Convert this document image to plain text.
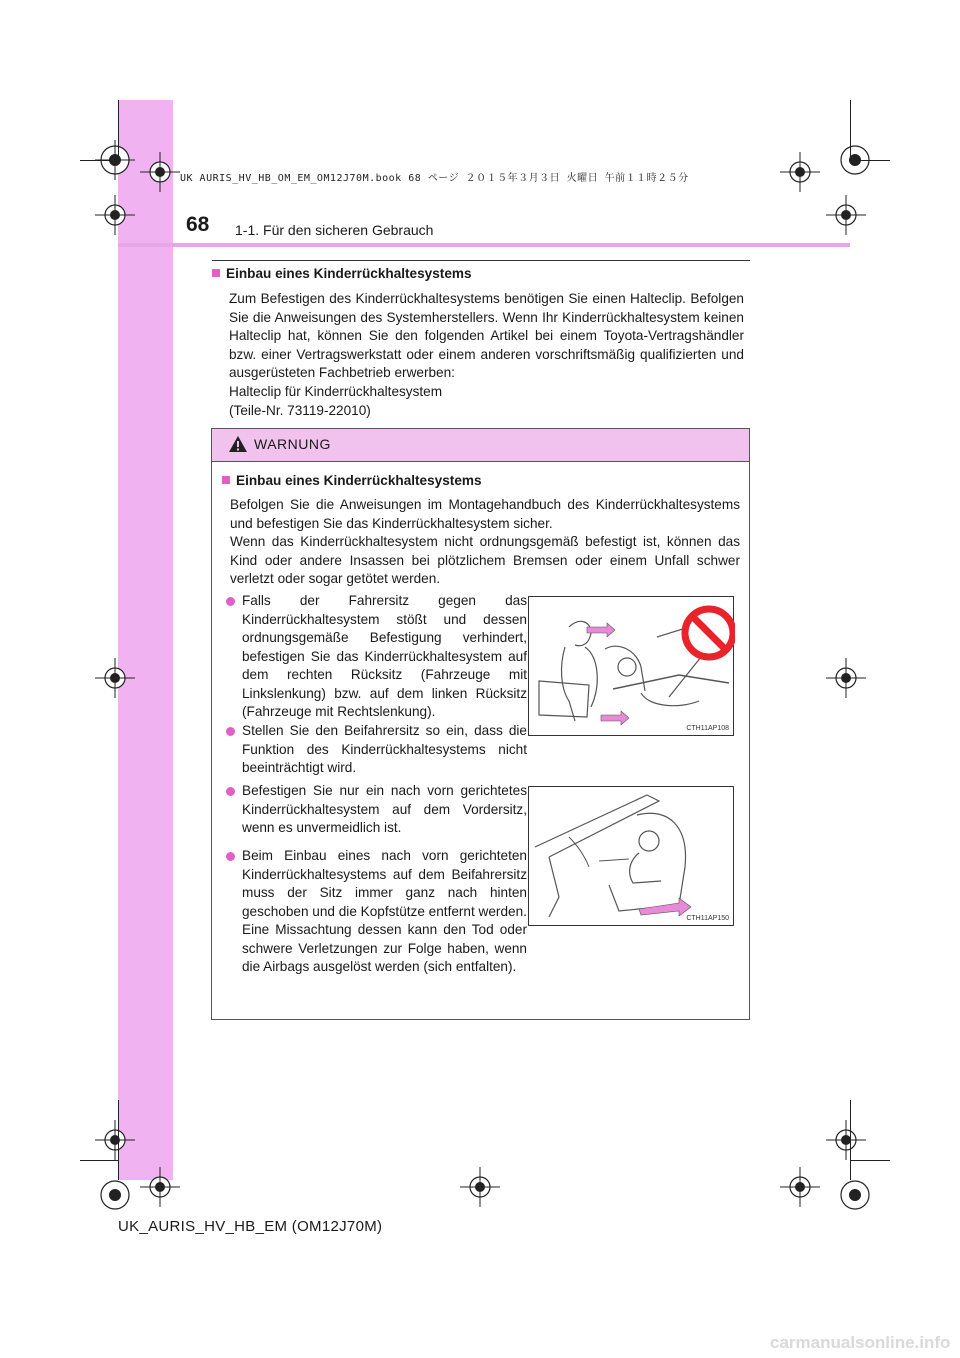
68 1-1. Für den sicheren Gebrauch
UK AURIS_HV_HB_OM_EM_OM12J70M.book 68 ページ ２０１５年３月３日 火曜日 午前１１時２５分
Einbau eines Kinderrückhaltesystems
Zum Befestigen des Kinderrückhaltesystems benötigen Sie einen Halteclip. Befolgen Sie die Anweisungen des Systemherstellers. Wenn Ihr Kinderrückhaltesystem keinen Halteclip hat, können Sie den folgenden Artikel bei einem Toyota-Vertragshändler bzw. einer Vertragswerkstatt oder einem anderen vorschriftsmäßig qualifizierten und ausgerüsteten Fachbetrieb erwerben:
Halteclip für Kinderrückhaltesystem
(Teile-Nr. 73119-22010)
WARNUNG
Einbau eines Kinderrückhaltesystems
Befolgen Sie die Anweisungen im Montagehandbuch des Kinderrückhaltesystems und befestigen Sie das Kinderrückhaltesystem sicher.
Wenn das Kinderrückhaltesystem nicht ordnungsgemäß befestigt ist, können das Kind oder andere Insassen bei plötzlichem Bremsen oder einem Unfall schwer verletzt oder sogar getötet werden.
Falls der Fahrersitz gegen das Kinderrückhaltesystem stößt und dessen ordnungsgemäße Befestigung verhindert, befestigen Sie das Kinderrückhaltesystem auf dem rechten Rücksitz (Fahrzeuge mit Linkslenkung) bzw. auf dem linken Rücksitz (Fahrzeuge mit Rechtslenkung).
Stellen Sie den Beifahrersitz so ein, dass die Funktion des Kinderrückhaltesystems nicht beeinträchtigt wird.
Befestigen Sie nur ein nach vorn gerichtetes Kinderrückhaltesystem auf dem Vordersitz, wenn es unvermeidlich ist.
Beim Einbau eines nach vorn gerichteten Kinderrückhaltesystems auf dem Beifahrersitz muss der Sitz immer ganz nach hinten geschoben und die Kopfstütze entfernt werden.
Eine Missachtung dessen kann den Tod oder schwere Verletzungen zur Folge haben, wenn die Airbags ausgelöst werden (sich entfalten).
CTH11AP108
CTH11AP150
UK_AURIS_HV_HB_EM (OM12J70M)
carmanualsonline.info
